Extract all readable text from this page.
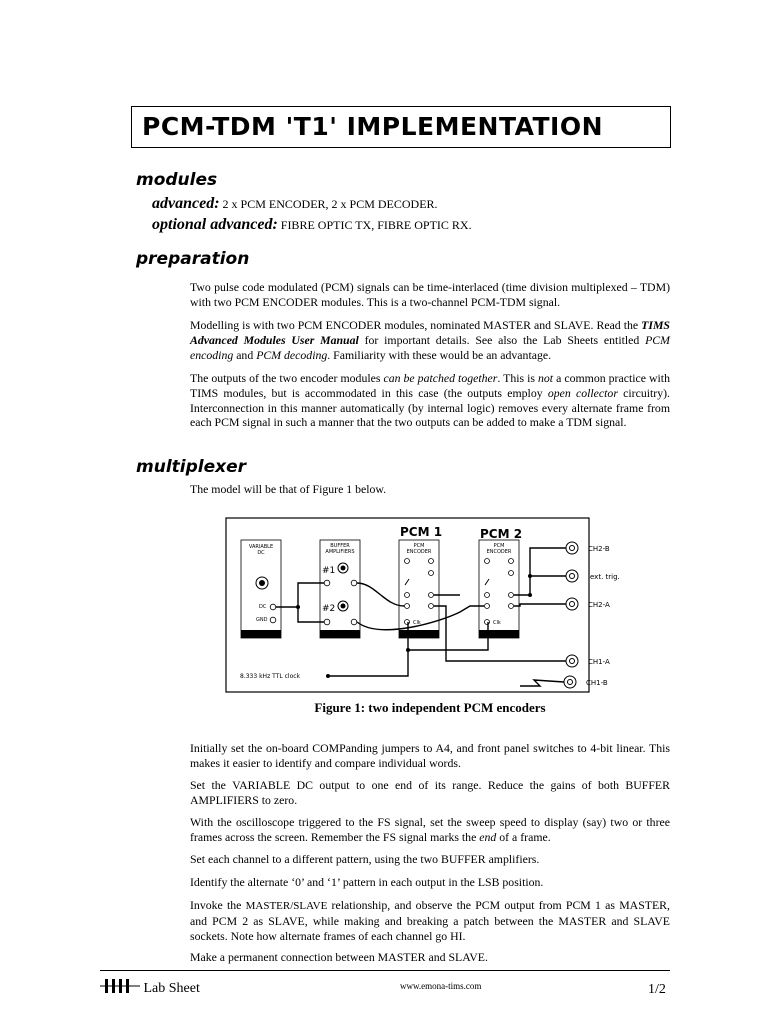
PCM-TDM 'T1' IMPLEMENTATION
modules
advanced: 2 x PCM ENCODER, 2 x PCM DECODER.
optional advanced: FIBRE OPTIC TX, FIBRE OPTIC RX.
preparation
Two pulse code modulated (PCM) signals can be time-interlaced (time division multiplexed – TDM) with two PCM ENCODER modules. This is a two-channel PCM-TDM signal.
Modelling is with two PCM ENCODER modules, nominated MASTER and SLAVE. Read the TIMS Advanced Modules User Manual for important details. See also the Lab Sheets entitled PCM encoding and PCM decoding. Familiarity with these would be an advantage.
The outputs of the two encoder modules can be patched together. This is not a common practice with TIMS modules, but is accommodated in this case (the outputs employ open collector circuitry). Interconnection in this manner automatically (by internal logic) removes every alternate frame from each PCM signal in such a manner that the two outputs can be added to make a TDM signal.
multiplexer
The model will be that of Figure 1 below.
PCM 1	PCM 2
VARIABLE
DC
DC
GND
BUFFER
AMPLIFIERS
#1
#2
PCM
ENCODER
Clk
PCM
ENCODER
Clk
CH2-B
ext. trig.
CH2-A
CH1-A
CH1-B
8.333 kHz TTL clock
Figure 1: two independent PCM encoders
Initially set the on-board COMPanding jumpers to A4, and front panel switches to 4-bit linear. This makes it easier to identify and compare individual words.
Set the VARIABLE DC output to one end of its range. Reduce the gains of both BUFFER AMPLIFIERS to zero.
With the oscilloscope triggered to the FS signal, set the sweep speed to display (say) two or three frames across the screen. Remember the FS signal marks the end of a frame.
Set each channel to a different pattern, using the two BUFFER amplifiers.
Identify the alternate ‘0’ and ‘1’ pattern in each output in the LSB position.
Invoke the MASTER/SLAVE relationship, and observe the PCM output from PCM 1 as MASTER, and PCM 2 as SLAVE, while making and breaking a patch between the MASTER and SLAVE sockets. Note how alternate frames of each channel go HI.
Make a permanent connection between MASTER and SLAVE.
Lab Sheet	www.emona-tims.com	1/2
